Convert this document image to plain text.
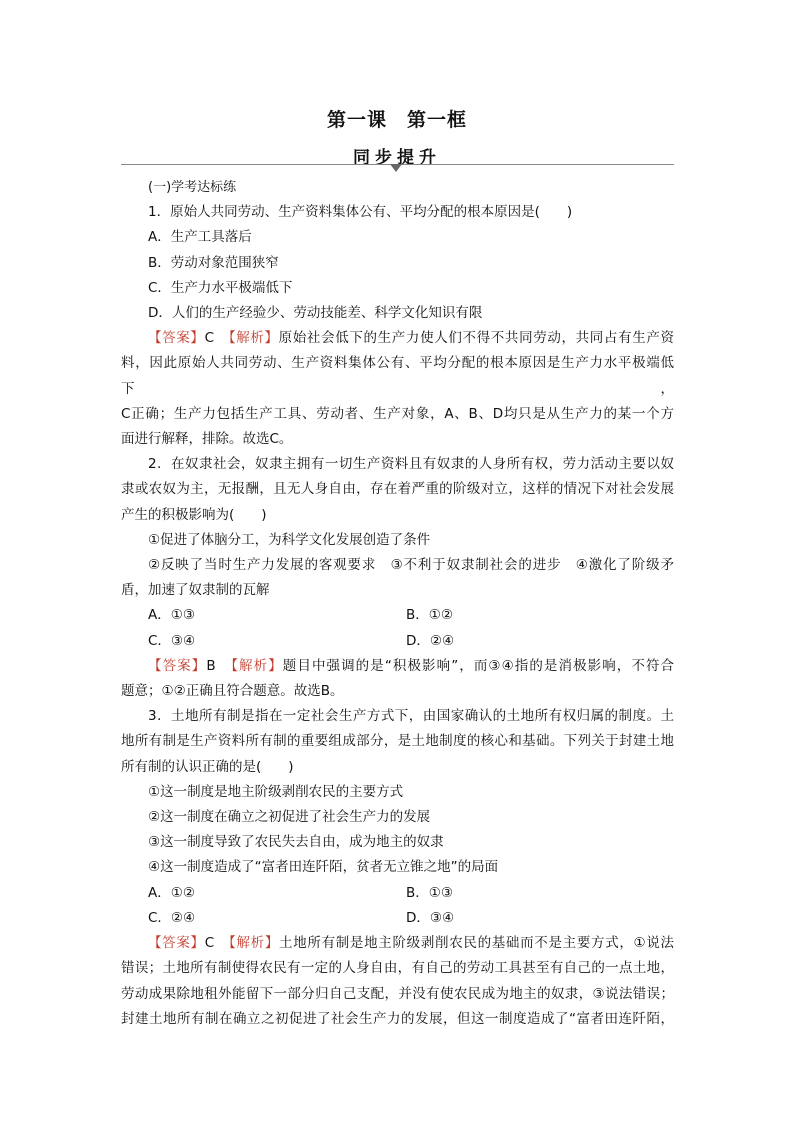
第一课　第一框
同步提升

(一)学考达标练

1．原始人共同劳动、生产资料集体公有、平均分配的根本原因是(　　)

A．生产工具落后

B．劳动对象范围狭窄

C．生产力水平极端低下

D．人们的生产经验少、劳动技能差、科学文化知识有限

【答案】C　 【解析】原始社会低下的生产力使人们不得不共同劳动，共同占有生产资

料，因此原始人共同劳动、生产资料集体公有、平均分配的根本原因是生产力水平极端低下，

C正确；生产力包括生产工具、劳动者、生产对象，A、B、D均只是从生产力的某一个方

面进行解释，排除。故选C。

2．在奴隶社会，奴隶主拥有一切生产资料且有奴隶的人身所有权，劳力活动主要以奴

隶或农奴为主，无报酬，且无人身自由，存在着严重的阶级对立，这样的情况下对社会发展

产生的积极影响为(　　)

①促进了体脑分工，为科学文化发展创造了条件

②反映了当时生产力发展的客观要求　③不利于奴隶制社会的进步　④激化了阶级矛

盾，加速了奴隶制的瓦解

A．①③	B．①②

C．③④	D．②④

【答案】B　 【解析】题目中强调的是“积极影响”，而③④指的是消极影响，不符合

题意；①②正确且符合题意。故选B。

3．土地所有制是指在一定社会生产方式下，由国家确认的土地所有权归属的制度。土

地所有制是生产资料所有制的重要组成部分，是土地制度的核心和基础。下列关于封建土地

所有制的认识正确的是(　　)

①这一制度是地主阶级剥削农民的主要方式

②这一制度在确立之初促进了社会生产力的发展

③这一制度导致了农民失去自由，成为地主的奴隶

④这一制度造成了“富者田连阡陌，贫者无立锥之地”的局面

A．①②	B．①③

C．②④	D．③④

【答案】C　 【解析】土地所有制是地主阶级剥削农民的基础而不是主要方式，①说法

错误；土地所有制使得农民有一定的人身自由，有自己的劳动工具甚至有自己的一点土地，

劳动成果除地租外能留下一部分归自己支配，并没有使农民成为地主的奴隶，③说法错误；

封建土地所有制在确立之初促进了社会生产力的发展，但这一制度造成了“富者田连阡陌，
